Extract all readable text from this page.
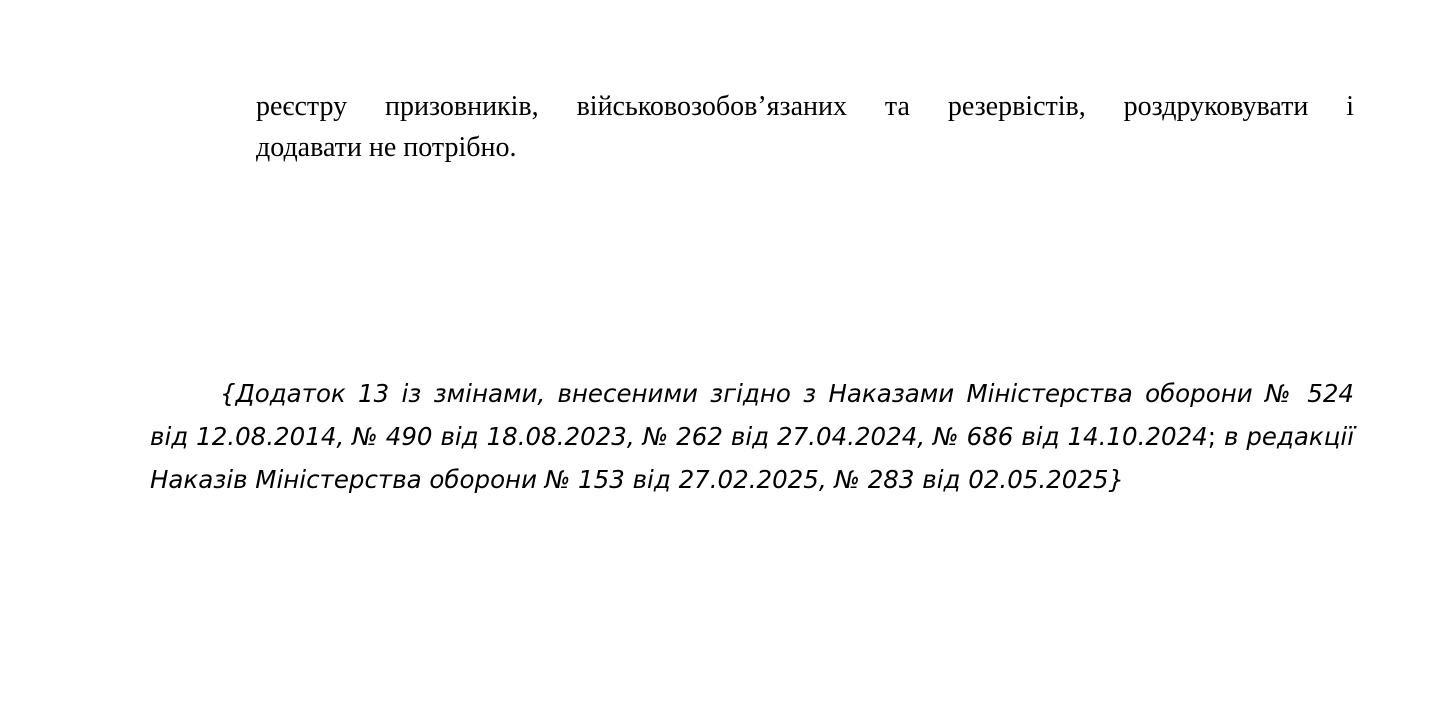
реєстру призовників, військовозобов’язаних та резервістів, роздруковувати і
додавати не потрібно.
{Додаток 13 із змінами, внесеними згідно з Наказами Міністерства оборони № 524
від 12.08.2014, № 490 від 18.08.2023, № 262 від 27.04.2024, № 686 від 14.10.2024; в редакції
Наказів Міністерства оборони № 153 від 27.02.2025, № 283 від 02.05.2025}
